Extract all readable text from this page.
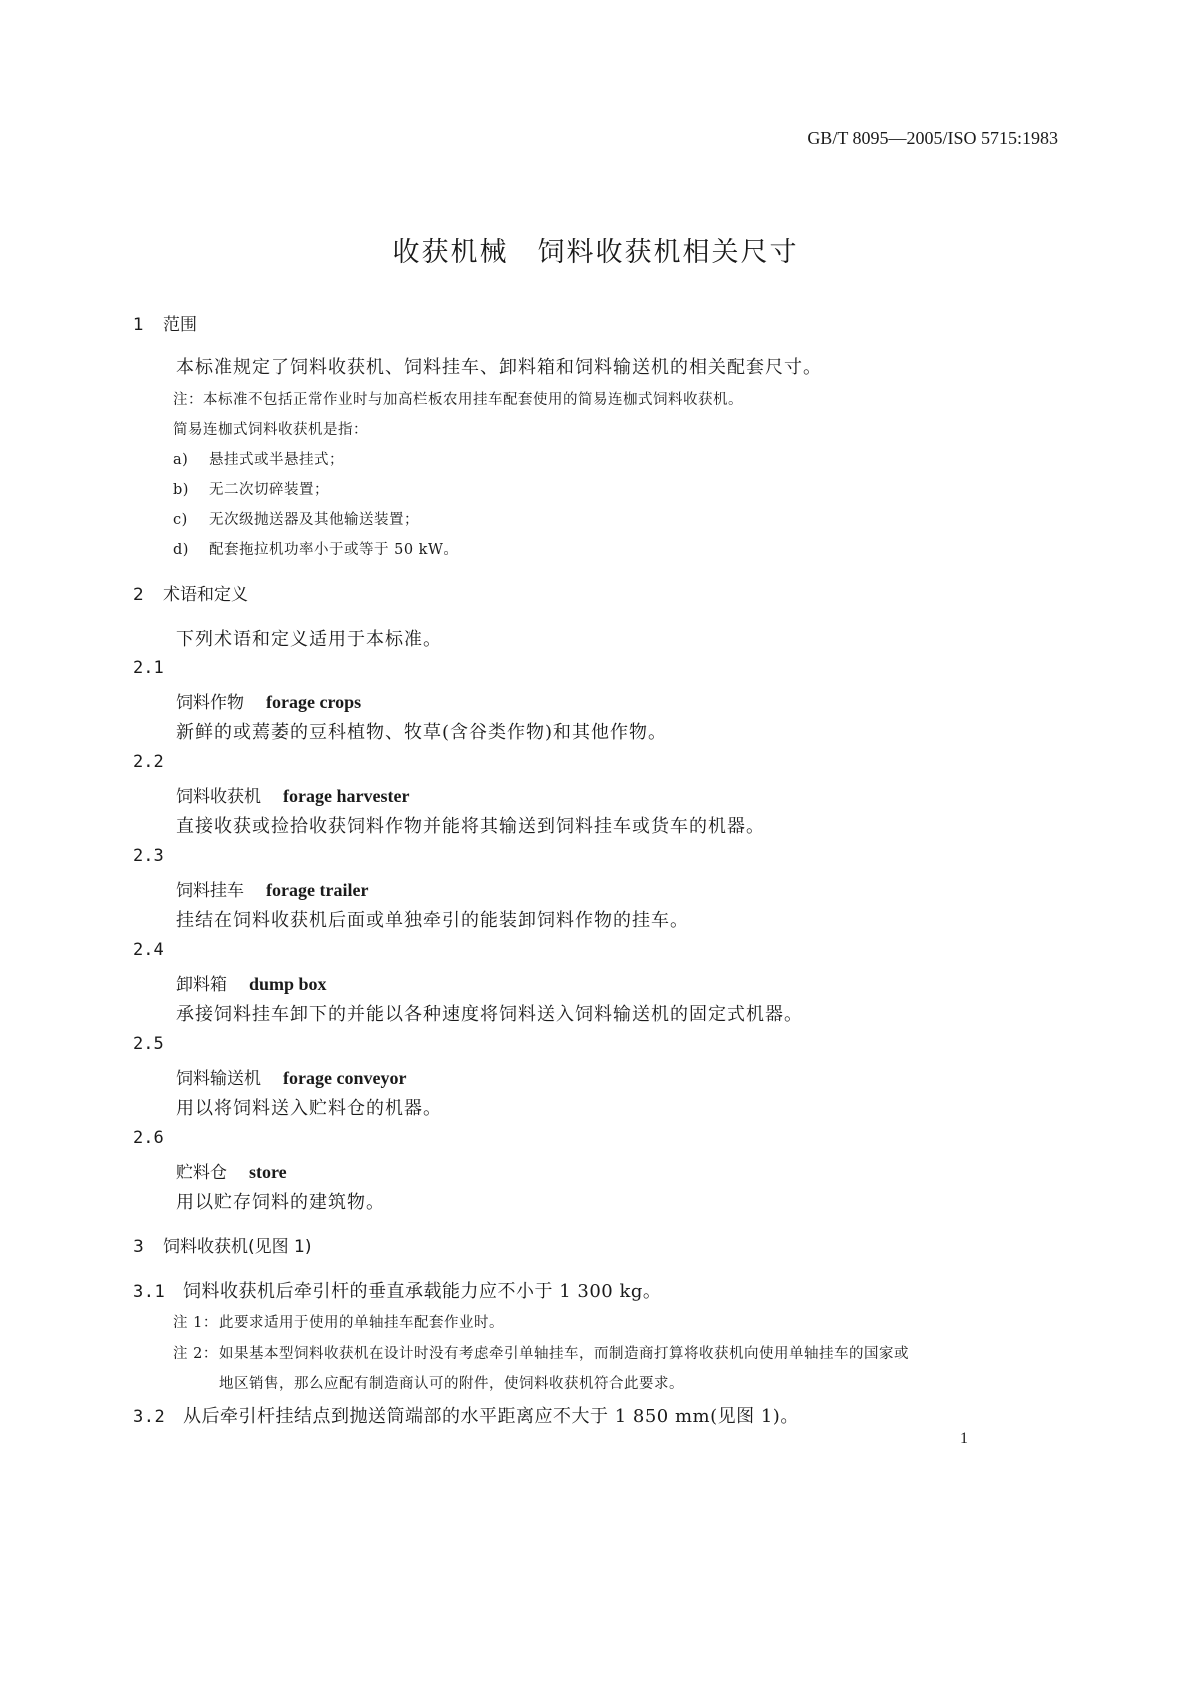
GB/T 8095—2005/ISO 5715:1983
收获机械　饲料收获机相关尺寸
1 范围
本标准规定了饲料收获机、饲料挂车、卸料箱和饲料输送机的相关配套尺寸。
注：本标准不包括正常作业时与加高栏板农用挂车配套使用的简易连枷式饲料收获机。
简易连枷式饲料收获机是指：
a) 悬挂式或半悬挂式；
b) 无二次切碎装置；
c) 无次级抛送器及其他输送装置；
d) 配套拖拉机功率小于或等于 50 kW。
2 术语和定义
下列术语和定义适用于本标准。
2.1
饲料作物 forage crops
新鲜的或蔫萎的豆科植物、牧草(含谷类作物)和其他作物。
2.2
饲料收获机 forage harvester
直接收获或捡拾收获饲料作物并能将其输送到饲料挂车或货车的机器。
2.3
饲料挂车 forage trailer
挂结在饲料收获机后面或单独牵引的能装卸饲料作物的挂车。
2.4
卸料箱 dump box
承接饲料挂车卸下的并能以各种速度将饲料送入饲料输送机的固定式机器。
2.5
饲料输送机 forage conveyor
用以将饲料送入贮料仓的机器。
2.6
贮料仓 store
用以贮存饲料的建筑物。
3 饲料收获机(见图 1)
3.1 饲料收获机后牵引杆的垂直承载能力应不小于 1 300 kg。
注 1：此要求适用于使用的单轴挂车配套作业时。
注 2：如果基本型饲料收获机在设计时没有考虑牵引单轴挂车，而制造商打算将收获机向使用单轴挂车的国家或
地区销售，那么应配有制造商认可的附件，使饲料收获机符合此要求。
3.2 从后牵引杆挂结点到抛送筒端部的水平距离应不大于 1 850 mm(见图 1)。
1
